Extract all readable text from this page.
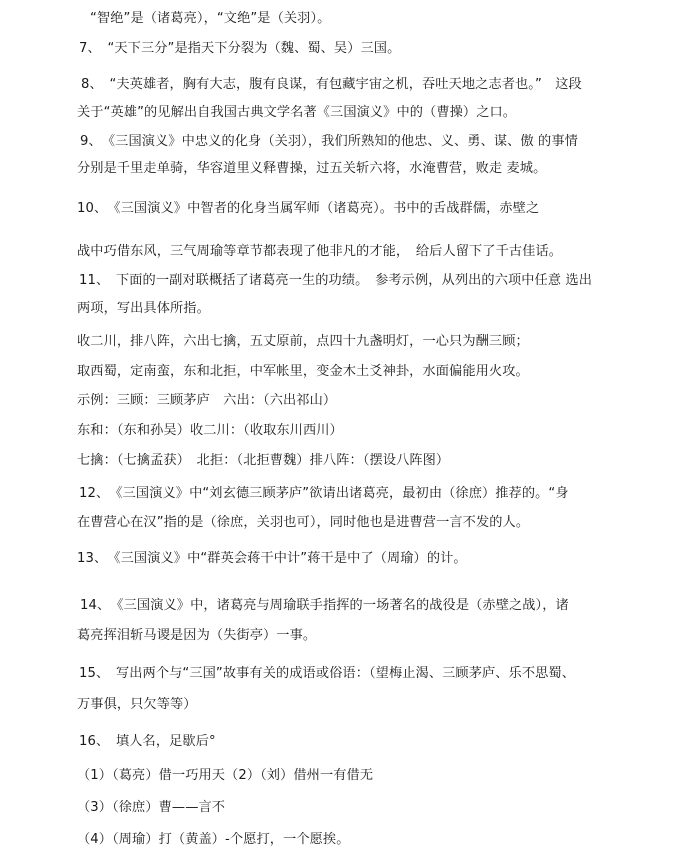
“智绝”是（诸葛亮），“文绝”是（关羽）。
7、　“天下三分”是指天下分裂为（魏、蜀、吴）三国。
8、　“夫英雄者，胸有大志，腹有良谋，有包藏宇宙之机，吞吐天地之志者也。”　这段
关于“英雄”的见解出自我国古典文学名著《三国演义》中的（曹操）之口。
9、　《三国演义》中忠义的化身（关羽），我们所熟知的他忠、义、勇、谋、傲 的事情
分别是千里走单骑，华容道里义释曹操，过五关斩六将，水淹曹营，败走 麦城。
10、　《三国演义》中智者的化身当属军师（诸葛亮）。书中的舌战群儒，赤壁之
战中巧借东风，三气周瑜等章节都表现了他非凡的才能，　给后人留下了千古佳话。
11、　下面的一副对联概括了诸葛亮一生的功绩。　参考示例，从列出的六项中任意 选出
两项，写出具体所指。
收二川，排八阵，六出七擒，五丈原前，点四十九盏明灯，一心只为酬三顾；
取西蜀，定南蛮，东和北拒，中军帐里，变金木土爻神卦，水面偏能用火攻。
示例：三顾：三顾茅庐　六出：（六出祁山）
东和：（东和孙吴）收二川：（收取东川西川）
七擒：（七擒孟获）　北拒：（北拒曹魏）排八阵：（摆设八阵图）
12、　《三国演义》中“刘玄德三顾茅庐”欲请出诸葛亮，最初由（徐庶）推荐的。“身
在曹营心在汉”指的是（徐庶，关羽也可），同时他也是进曹营一言不发的人。
13、　《三国演义》中“群英会蒋干中计”蒋干是中了（周瑜）的计。
14、　《三国演义》中，诸葛亮与周瑜联手指挥的一场著名的战役是（赤壁之战），诸
葛亮挥泪斩马谡是因为（失街亭）一事。
15、　写出两个与“三国”故事有关的成语或俗语：（望梅止渴、三顾茅庐、乐不思蜀、
万事俱，只欠等等）
16、　填人名，足歇后°
（1）（葛亮）借一巧用天（2）（刘）借州一有借无
（3）（徐庶）曹——言不
（4）（周瑜）打（黄盖）-个愿打，一个愿挨。
